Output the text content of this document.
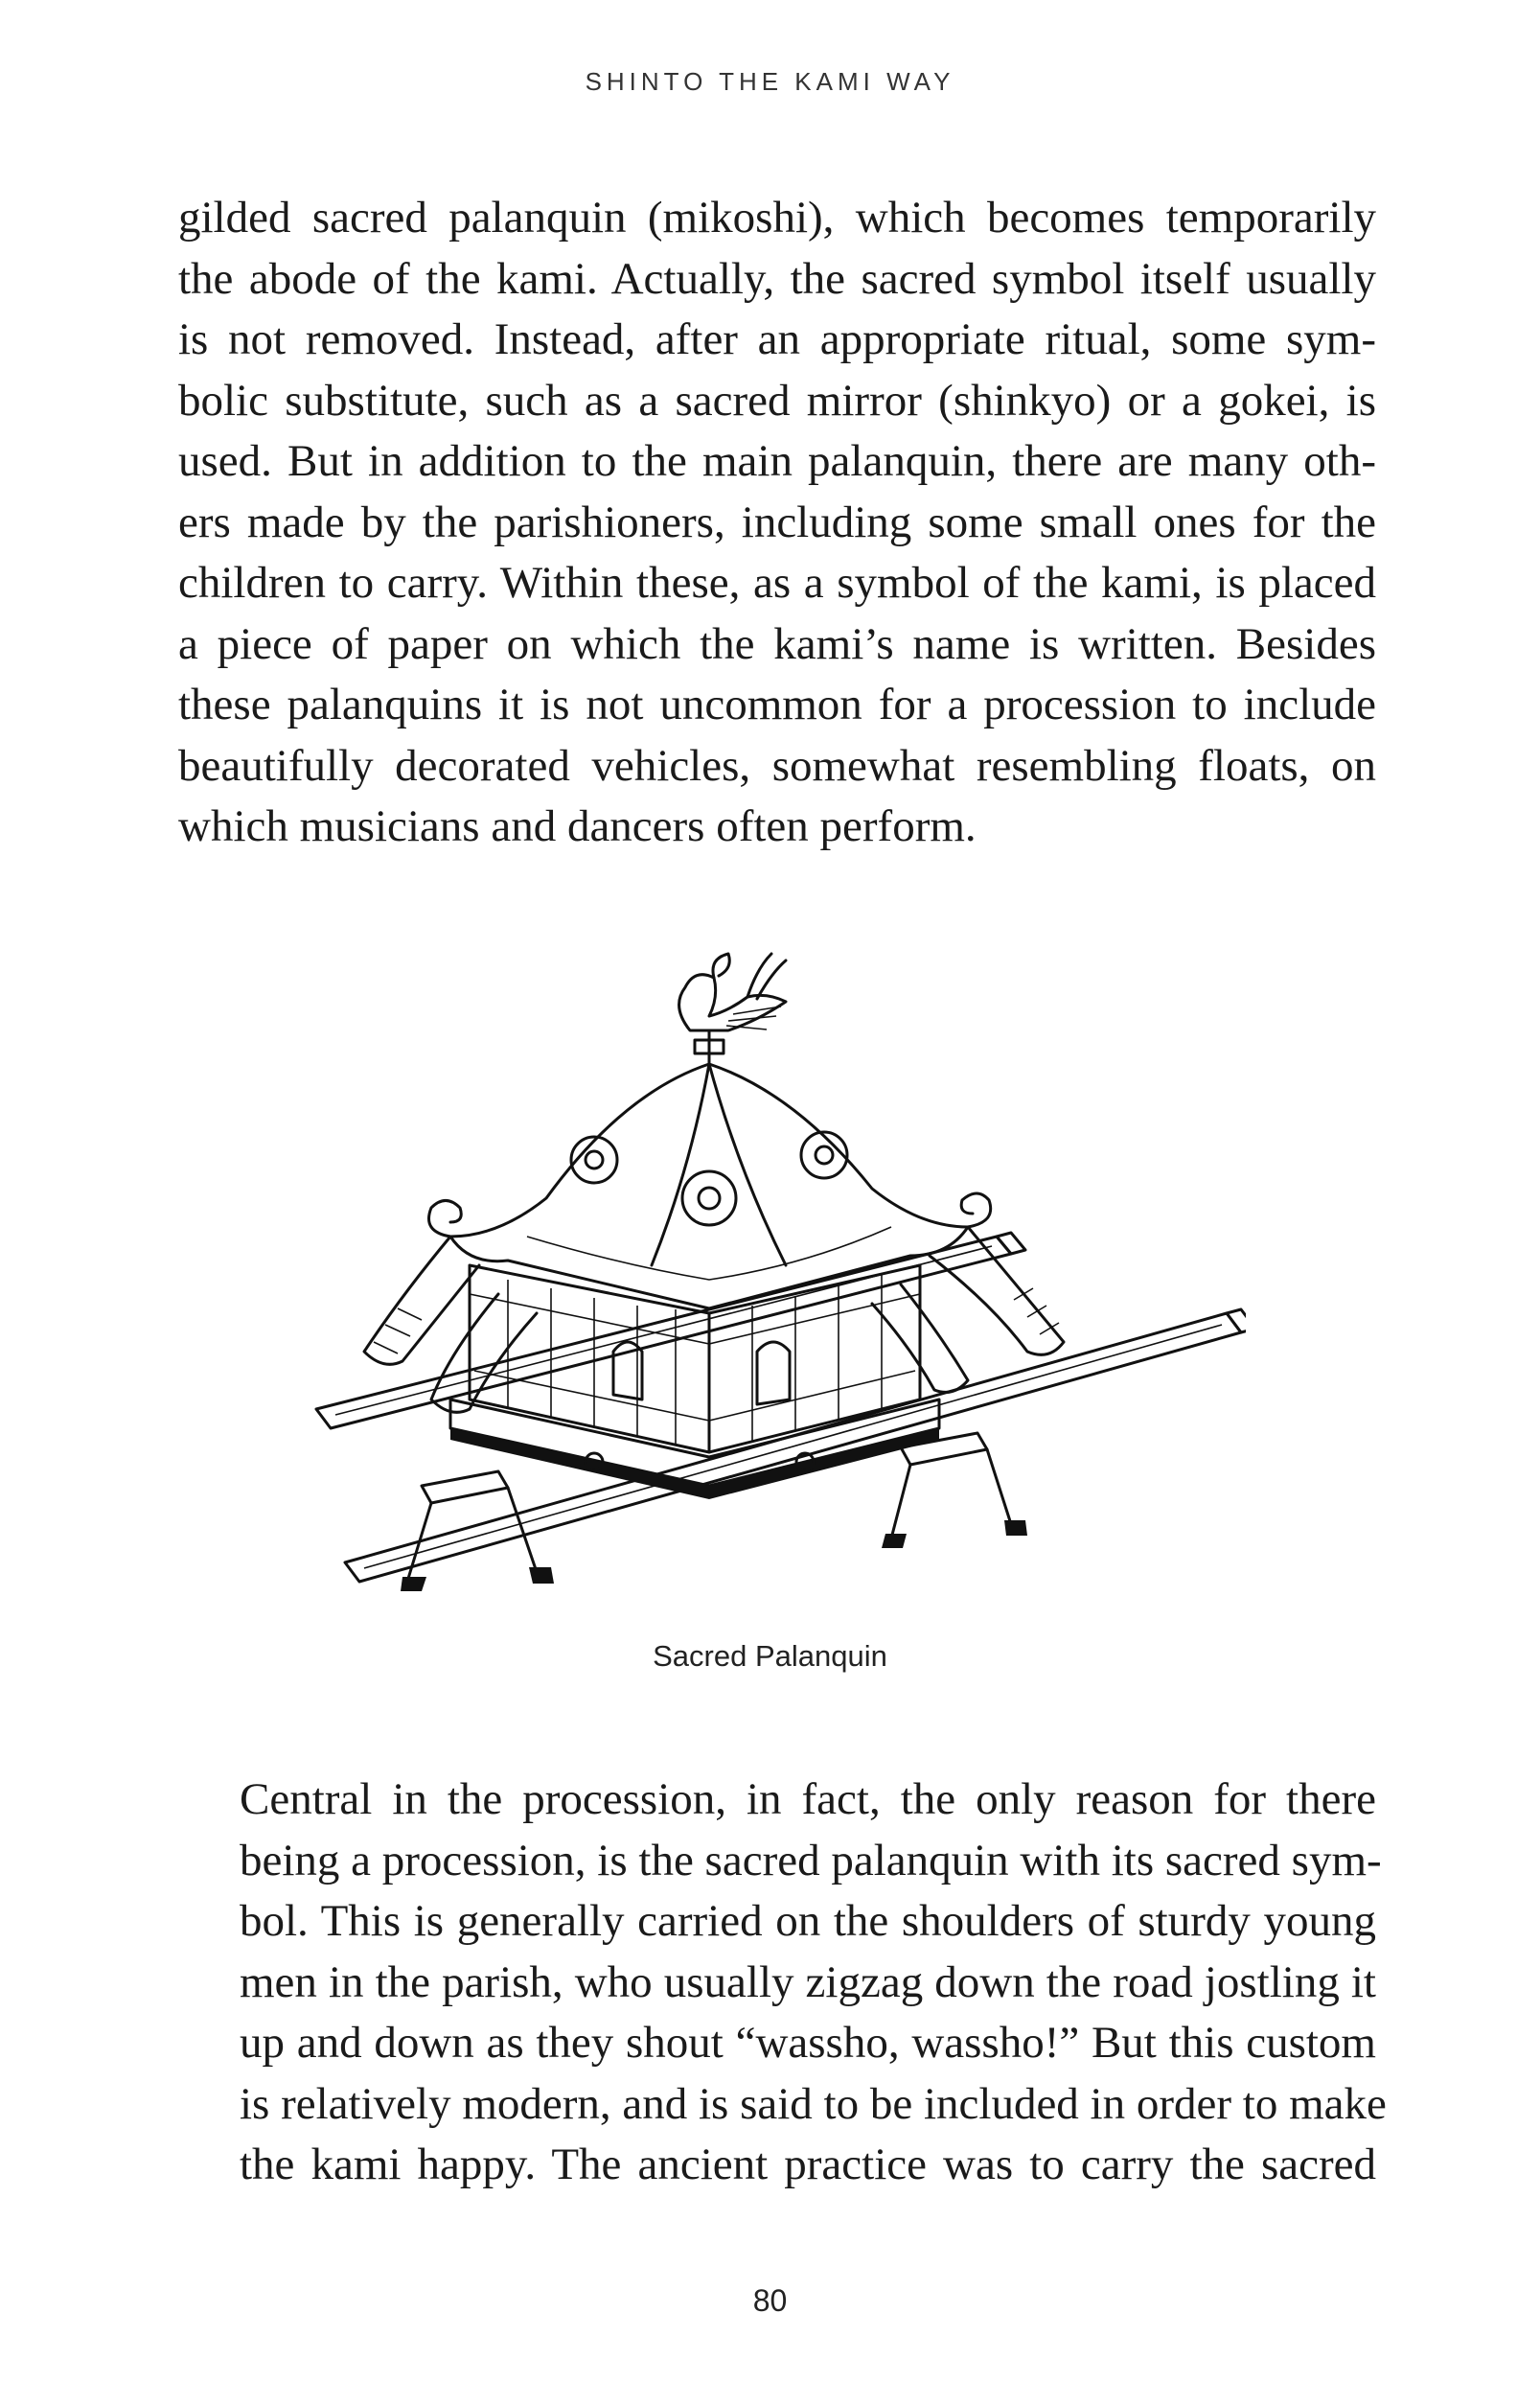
SHINTO THE KAMI WAY

gilded sacred palanquin (mikoshi), which becomes temporarily
the abode of the kami. Actually, the sacred symbol itself usually
is not removed. Instead, after an appropriate ritual, some sym-
bolic substitute, such as a sacred mirror (shinkyo) or a gokei, is
used. But in addition to the main palanquin, there are many oth-
ers made by the parishioners, including some small ones for the
children to carry. Within these, as a symbol of the kami, is placed
a piece of paper on which the kami’s name is written. Besides
these palanquins it is not uncommon for a procession to include
beautifully decorated vehicles, somewhat resembling floats, on
which musicians and dancers often perform.

Sacred Palanquin

Central in the procession, in fact, the only reason for there
being a procession, is the sacred palanquin with its sacred sym-
bol. This is generally carried on the shoulders of sturdy young
men in the parish, who usually zigzag down the road jostling it
up and down as they shout “wassho, wassho!” But this custom
is relatively modern, and is said to be included in order to make
the kami happy. The ancient practice was to carry the sacred

80
